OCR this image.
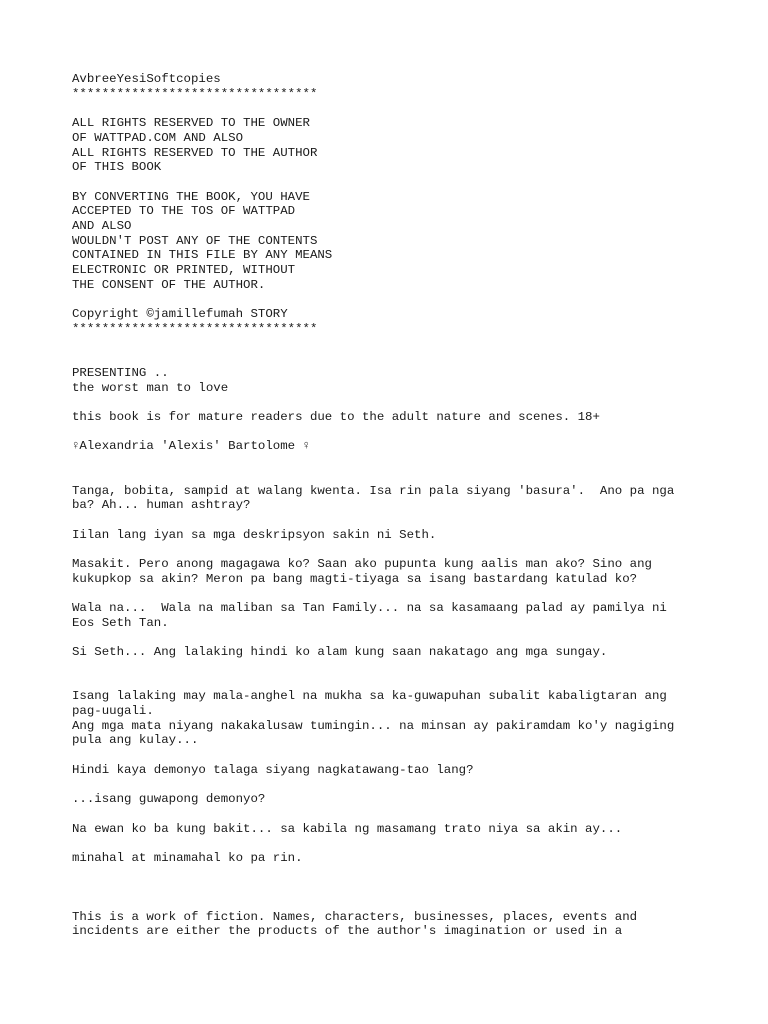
AvbreeYesiSoftcopies
*********************************
ALL RIGHTS RESERVED TO THE OWNER
OF WATTPAD.COM AND ALSO
ALL RIGHTS RESERVED TO THE AUTHOR
OF THIS BOOK
BY CONVERTING THE BOOK, YOU HAVE
ACCEPTED TO THE TOS OF WATTPAD
AND ALSO
WOULDN'T POST ANY OF THE CONTENTS
CONTAINED IN THIS FILE BY ANY MEANS
ELECTRONIC OR PRINTED, WITHOUT
THE CONSENT OF THE AUTHOR.
Copyright ©jamillefumah STORY
*********************************
PRESENTING ..
the worst man to love
this book is for mature readers due to the adult nature and scenes. 18+
♀Alexandria 'Alexis' Bartolome ♀
Tanga, bobita, sampid at walang kwenta. Isa rin pala siyang 'basura'.  Ano pa nga
ba? Ah... human ashtray?
Iilan lang iyan sa mga deskripsyon sakin ni Seth.
Masakit. Pero anong magagawa ko? Saan ako pupunta kung aalis man ako? Sino ang
kukupkop sa akin? Meron pa bang magti-tiyaga sa isang bastardang katulad ko?
Wala na...  Wala na maliban sa Tan Family... na sa kasamaang palad ay pamilya ni
Eos Seth Tan.
Si Seth... Ang lalaking hindi ko alam kung saan nakatago ang mga sungay.
Isang lalaking may mala-anghel na mukha sa ka-guwapuhan subalit kabaligtaran ang
pag-uugali.
Ang mga mata niyang nakakalusaw tumingin... na minsan ay pakiramdam ko'y nagiging
pula ang kulay...
Hindi kaya demonyo talaga siyang nagkatawang-tao lang?
...isang guwapong demonyo?
Na ewan ko ba kung bakit... sa kabila ng masamang trato niya sa akin ay...
minahal at minamahal ko pa rin.
This is a work of fiction. Names, characters, businesses, places, events and
incidents are either the products of the author's imagination or used in a
